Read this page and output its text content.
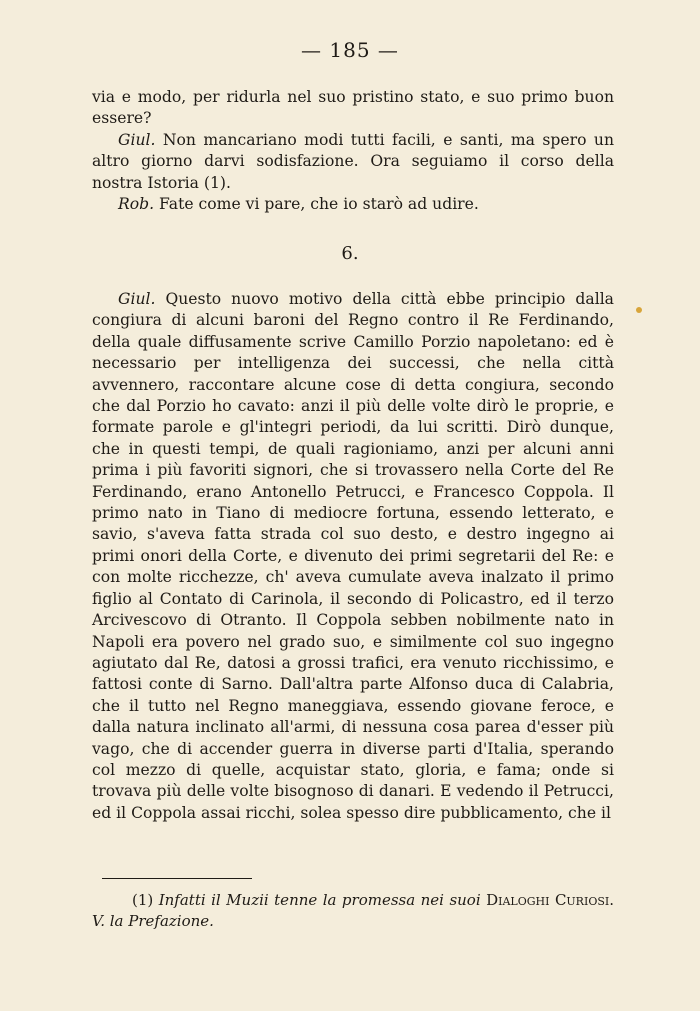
— 185 —

via e modo, per ridurla nel suo pristino stato, e suo primo buon essere?

Giul. Non mancariano modi tutti facili, e santi, ma spero un altro giorno darvi sodisfazione. Ora seguiamo il corso della nostra Istoria (1).

Rob. Fate come vi pare, che io starò ad udire.

6.

Giul. Questo nuovo motivo della città ebbe principio dalla congiura di alcuni baroni del Regno contro il Re Ferdinando, della quale diffusamente scrive Camillo Porzio napoletano: ed è necessario per intelligenza dei successi, che nella città avvennero, raccontare alcune cose di detta congiura, secondo che dal Porzio ho cavato: anzi il più delle volte dirò le proprie, e formate parole e gl'integri periodi, da lui scritti. Dirò dunque, che in questi tempi, de quali ragioniamo, anzi per alcuni anni prima i più favoriti signori, che si trovassero nella Corte del Re Ferdinando, erano Antonello Petrucci, e Francesco Coppola. Il primo nato in Tiano di mediocre fortuna, essendo letterato, e savio, s'aveva fatta strada col suo desto, e destro ingegno ai primi onori della Corte, e divenuto dei primi segretarii del Re: e con molte ricchezze, ch' aveva cumulate aveva inalzato il primo figlio al Contato di Carinola, il secondo di Policastro, ed il terzo Arcivescovo di Otranto. Il Coppola sebben nobilmente nato in Napoli era povero nel grado suo, e similmente col suo ingegno agiutato dal Re, datosi a grossi trafici, era venuto ricchissimo, e fattosi conte di Sarno. Dall'altra parte Alfonso duca di Calabria, che il tutto nel Regno maneggiava, essendo giovane feroce, e dalla natura inclinato all'armi, di nessuna cosa parea d'esser più vago, che di accender guerra in diverse parti d'Italia, sperando col mezzo di quelle, acquistar stato, gloria, e fama; onde si trovava più delle volte bisognoso di danari. E vedendo il Petrucci, ed il Coppola assai ricchi, solea spesso dire pubblicamento, che il

(1) Infatti il Muzii tenne la promessa nei suoi Dialoghi Curiosi. V. la Prefazione.
